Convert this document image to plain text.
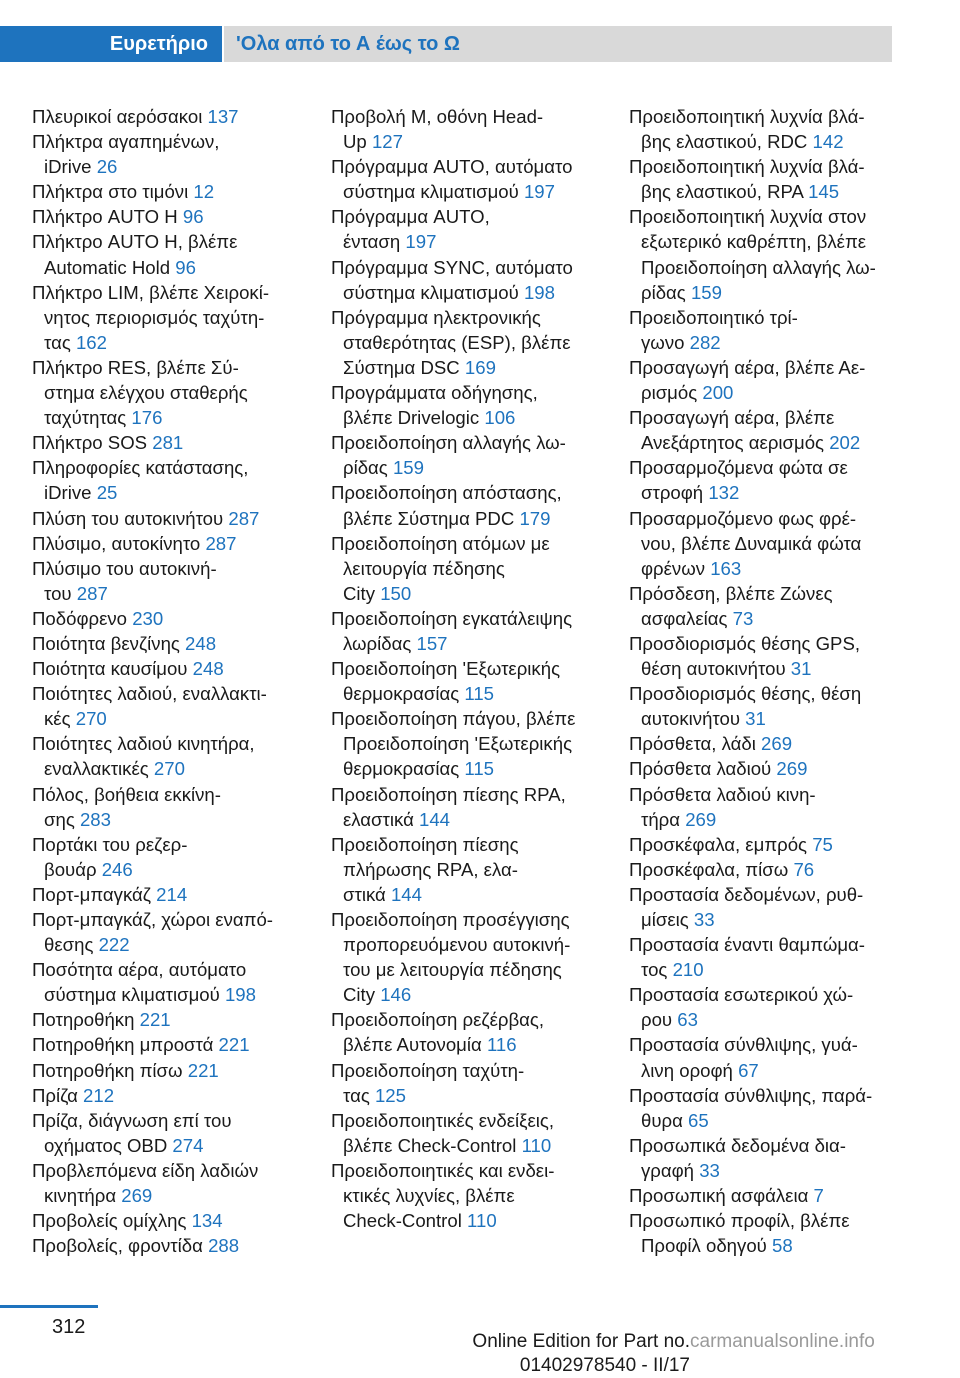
Ευρετήριο 'Ολα από το Α έως το Ω
Πλευρικοί αερόσακοι 137
Πλήκτρα αγαπημένων,
iDrive 26
Πλήκτρα στο τιμόνι 12
Πλήκτρο AUTO H 96
Πλήκτρο AUTO H, βλέπε
Automatic Hold 96
Πλήκτρο LIM, βλέπε Χειροκί-
νητος περιορισμός ταχύτη-
τας 162
Πλήκτρο RES, βλέπε Σύ-
στημα ελέγχου σταθερής
ταχύτητας 176
Πλήκτρο SOS 281
Πληροφορίες κατάστασης,
iDrive 25
Πλύση του αυτοκινήτου 287
Πλύσιμο, αυτοκίνητο 287
Πλύσιμο του αυτοκινή-
του 287
Ποδόφρενο 230
Ποιότητα βενζίνης 248
Ποιότητα καυσίμου 248
Ποιότητες λαδιού, εναλλακτι-
κές 270
Ποιότητες λαδιού κινητήρα,
εναλλακτικές 270
Πόλος, βοήθεια εκκίνη-
σης 283
Πορτάκι του ρεζερ-
βουάρ 246
Πορτ-μπαγκάζ 214
Πορτ-μπαγκάζ, χώροι εναπό-
θεσης 222
Ποσότητα αέρα, αυτόματο
σύστημα κλιματισμού 198
Ποτηροθήκη 221
Ποτηροθήκη μπροστά 221
Ποτηροθήκη πίσω 221
Πρίζα 212
Πρίζα, διάγνωση επί του
οχήματος OBD 274
Προβλεπόμενα είδη λαδιών
κινητήρα 269
Προβολείς ομίχλης 134
Προβολείς, φροντίδα 288
Προβολή M, οθόνη Head-
Up 127
Πρόγραμμα AUTO, αυτόματο
σύστημα κλιματισμού 197
Πρόγραμμα AUTO,
ένταση 197
Πρόγραμμα SYNC, αυτόματο
σύστημα κλιματισμού 198
Πρόγραμμα ηλεκτρονικής
σταθερότητας (ESP), βλέπε
Σύστημα DSC 169
Προγράμματα οδήγησης,
βλέπε Drivelogic 106
Προειδοποίηση αλλαγής λω-
ρίδας 159
Προειδοποίηση απόστασης,
βλέπε Σύστημα PDC 179
Προειδοποίηση ατόμων με
λειτουργία πέδησης
City 150
Προειδοποίηση εγκατάλειψης
λωρίδας 157
Προειδοποίηση 'Εξωτερικής
θερμοκρασίας 115
Προειδοποίηση πάγου, βλέπε
Προειδοποίηση 'Εξωτερικής
θερμοκρασίας 115
Προειδοποίηση πίεσης RPA,
ελαστικά 144
Προειδοποίηση πίεσης
πλήρωσης RPA, ελα-
στικά 144
Προειδοποίηση προσέγγισης
προπορευόμενου αυτοκινή-
του με λειτουργία πέδησης
City 146
Προειδοποίηση ρεζέρβας,
βλέπε Αυτονομία 116
Προειδοποίηση ταχύτη-
τας 125
Προειδοποιητικές ενδείξεις,
βλέπε Check-Control 110
Προειδοποιητικές και ενδει-
κτικές λυχνίες, βλέπε
Check-Control 110
Προειδοποιητική λυχνία βλά-
βης ελαστικού, RDC 142
Προειδοποιητική λυχνία βλά-
βης ελαστικού, RPA 145
Προειδοποιητική λυχνία στον
εξωτερικό καθρέπτη, βλέπε
Προειδοποίηση αλλαγής λω-
ρίδας 159
Προειδοποιητικό τρί-
γωνο 282
Προσαγωγή αέρα, βλέπε Αε-
ρισμός 200
Προσαγωγή αέρα, βλέπε
Ανεξάρτητος αερισμός 202
Προσαρμοζόμενα φώτα σε
στροφή 132
Προσαρμοζόμενο φως φρέ-
νου, βλέπε Δυναμικά φώτα
φρένων 163
Πρόσδεση, βλέπε Ζώνες
ασφαλείας 73
Προσδιορισμός θέσης GPS,
θέση αυτοκινήτου 31
Προσδιορισμός θέσης, θέση
αυτοκινήτου 31
Πρόσθετα, λάδι 269
Πρόσθετα λαδιού 269
Πρόσθετα λαδιού κινη-
τήρα 269
Προσκέφαλα, εμπρός 75
Προσκέφαλα, πίσω 76
Προστασία δεδομένων, ρυθ-
μίσεις 33
Προστασία έναντι θαμπώμα-
τος 210
Προστασία εσωτερικού χώ-
ρου 63
Προστασία σύνθλιψης, γυά-
λινη οροφή 67
Προστασία σύνθλιψης, παρά-
θυρα 65
Προσωπικά δεδομένα δια-
γραφή 33
Προσωπική ασφάλεια 7
Προσωπικό προφίλ, βλέπε
Προφίλ οδηγού 58
312
Online Edition for Part no. 01402978540 - II/17
carmanualsonline.info
